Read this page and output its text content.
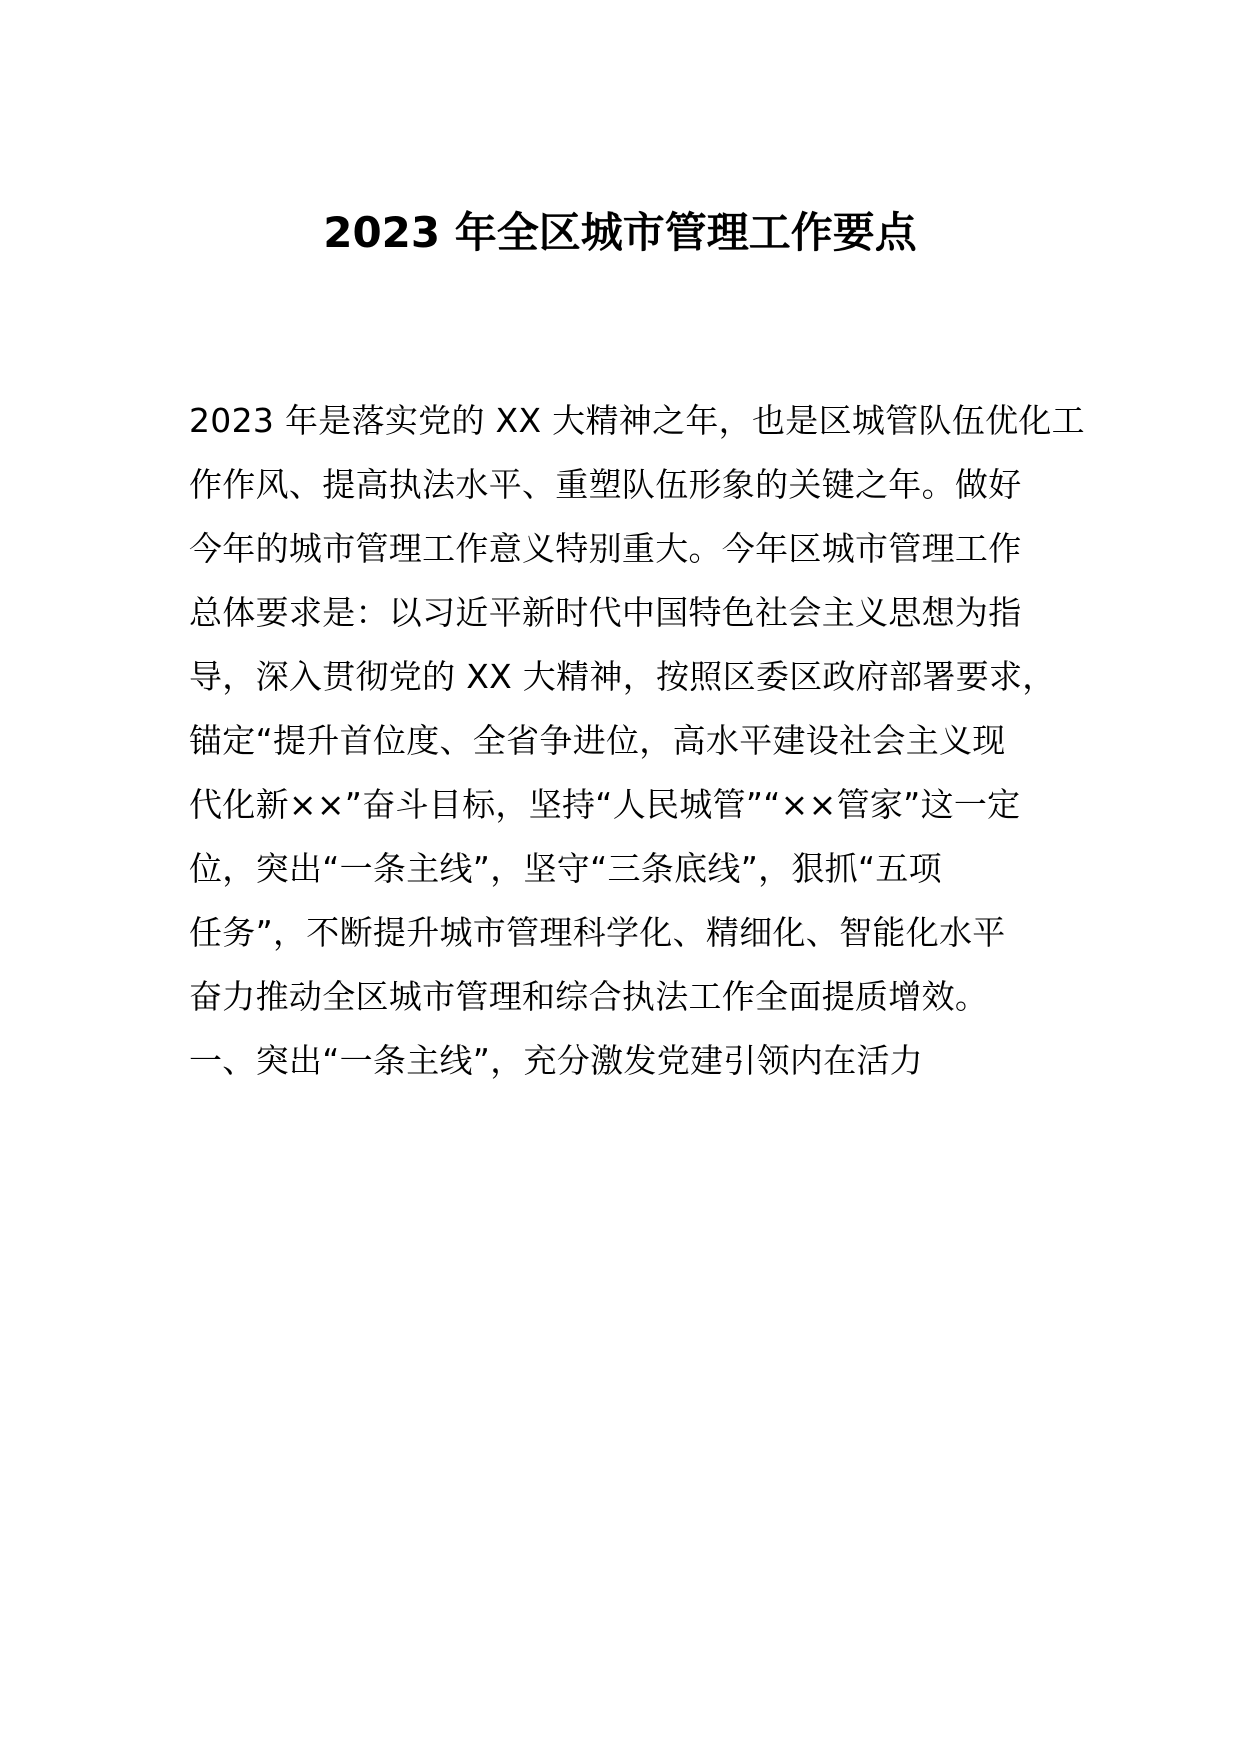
2023 年全区城市管理工作要点
2023 年是落实党的 XX 大精神之年，也是区城管队伍优化工
作作风、提高执法水平、重塑队伍形象的关键之年。做好
今年的城市管理工作意义特别重大。今年区城市管理工作
总体要求是：以习近平新时代中国特色社会主义思想为指
导，深入贯彻党的 XX 大精神，按照区委区政府部署要求，
锚定“提升首位度、全省争进位，高水平建设社会主义现
代化新××”奋斗目标，坚持“人民城管”“××管家”这一定
位，突出“一条主线”，坚守“三条底线”，狠抓“五项
任务”，不断提升城市管理科学化、精细化、智能化水平
奋力推动全区城市管理和综合执法工作全面提质增效。
一、突出“一条主线”，充分激发党建引领内在活力
